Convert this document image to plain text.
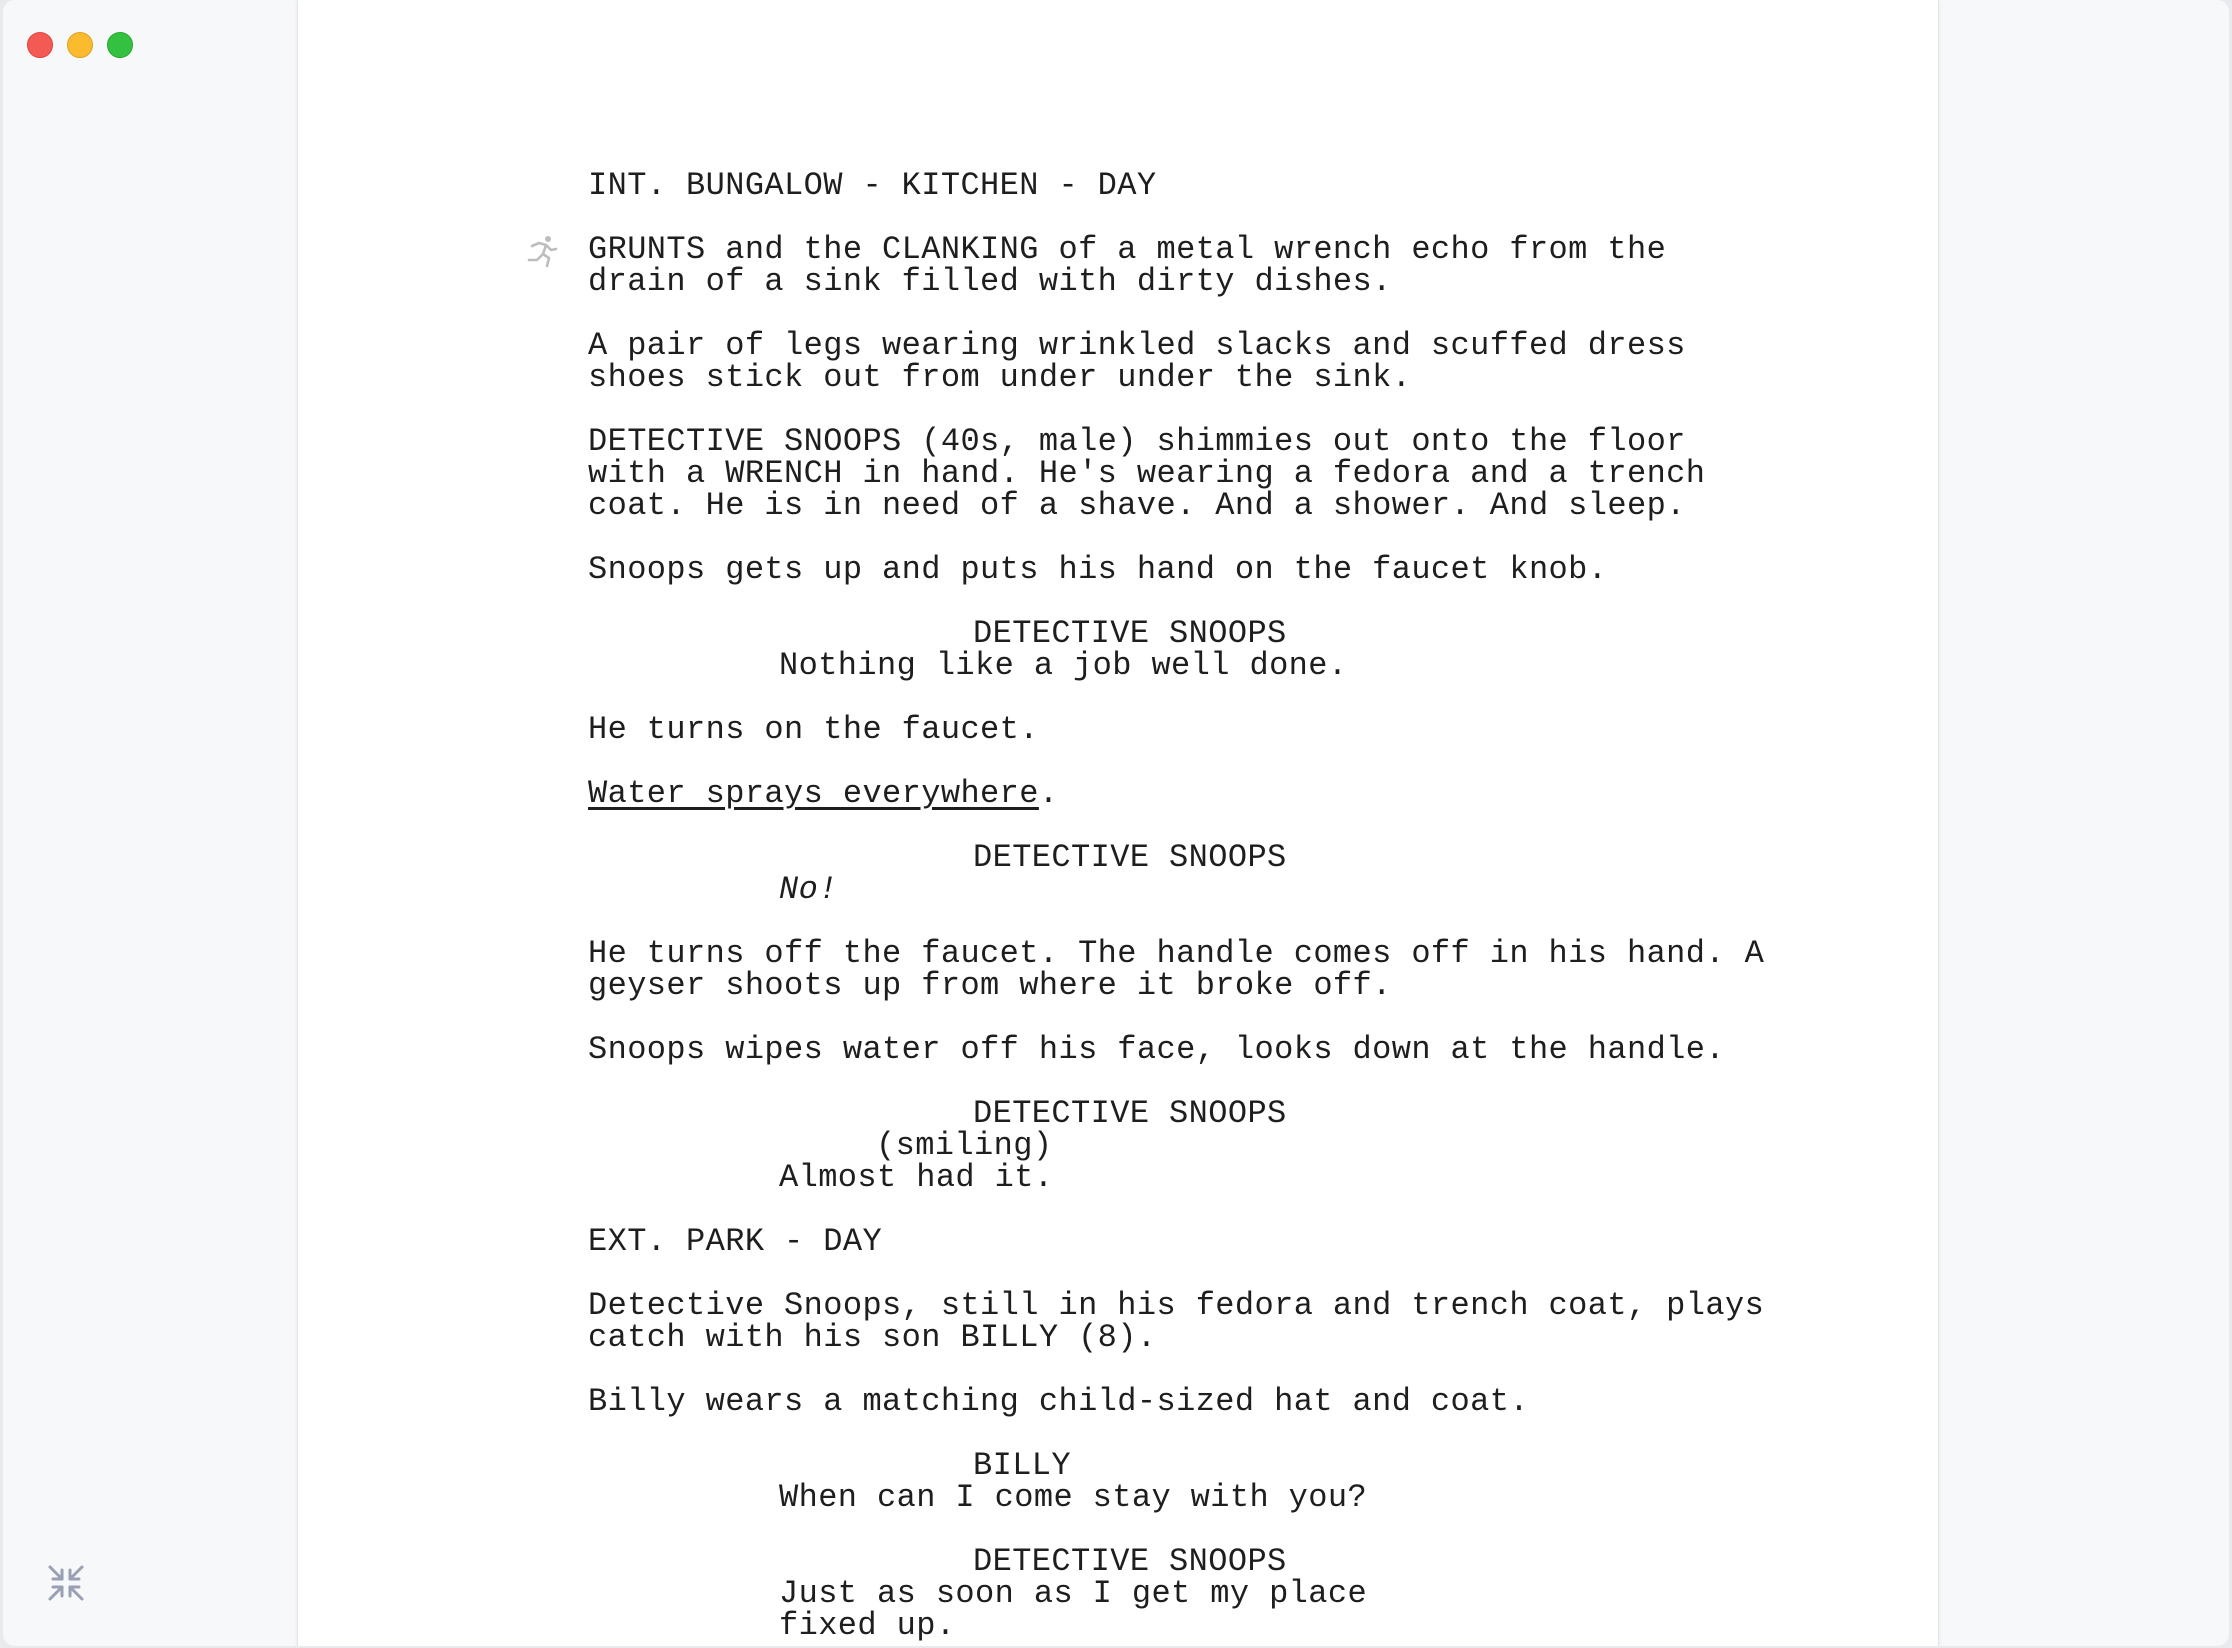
INT. BUNGALOW - KITCHEN - DAY
GRUNTS and the CLANKING of a metal wrench echo from the
drain of a sink filled with dirty dishes.
A pair of legs wearing wrinkled slacks and scuffed dress
shoes stick out from under under the sink.
DETECTIVE SNOOPS (40s, male) shimmies out onto the floor
with a WRENCH in hand. He's wearing a fedora and a trench
coat. He is in need of a shave. And a shower. And sleep.
Snoops gets up and puts his hand on the faucet knob.
DETECTIVE SNOOPS
Nothing like a job well done.
He turns on the faucet.
Water sprays everywhere.
DETECTIVE SNOOPS
No!
He turns off the faucet. The handle comes off in his hand. A
geyser shoots up from where it broke off.
Snoops wipes water off his face, looks down at the handle.
DETECTIVE SNOOPS
(smiling)
Almost had it.
EXT. PARK - DAY
Detective Snoops, still in his fedora and trench coat, plays
catch with his son BILLY (8).
Billy wears a matching child-sized hat and coat.
BILLY
When can I come stay with you?
DETECTIVE SNOOPS
Just as soon as I get my place
fixed up.
